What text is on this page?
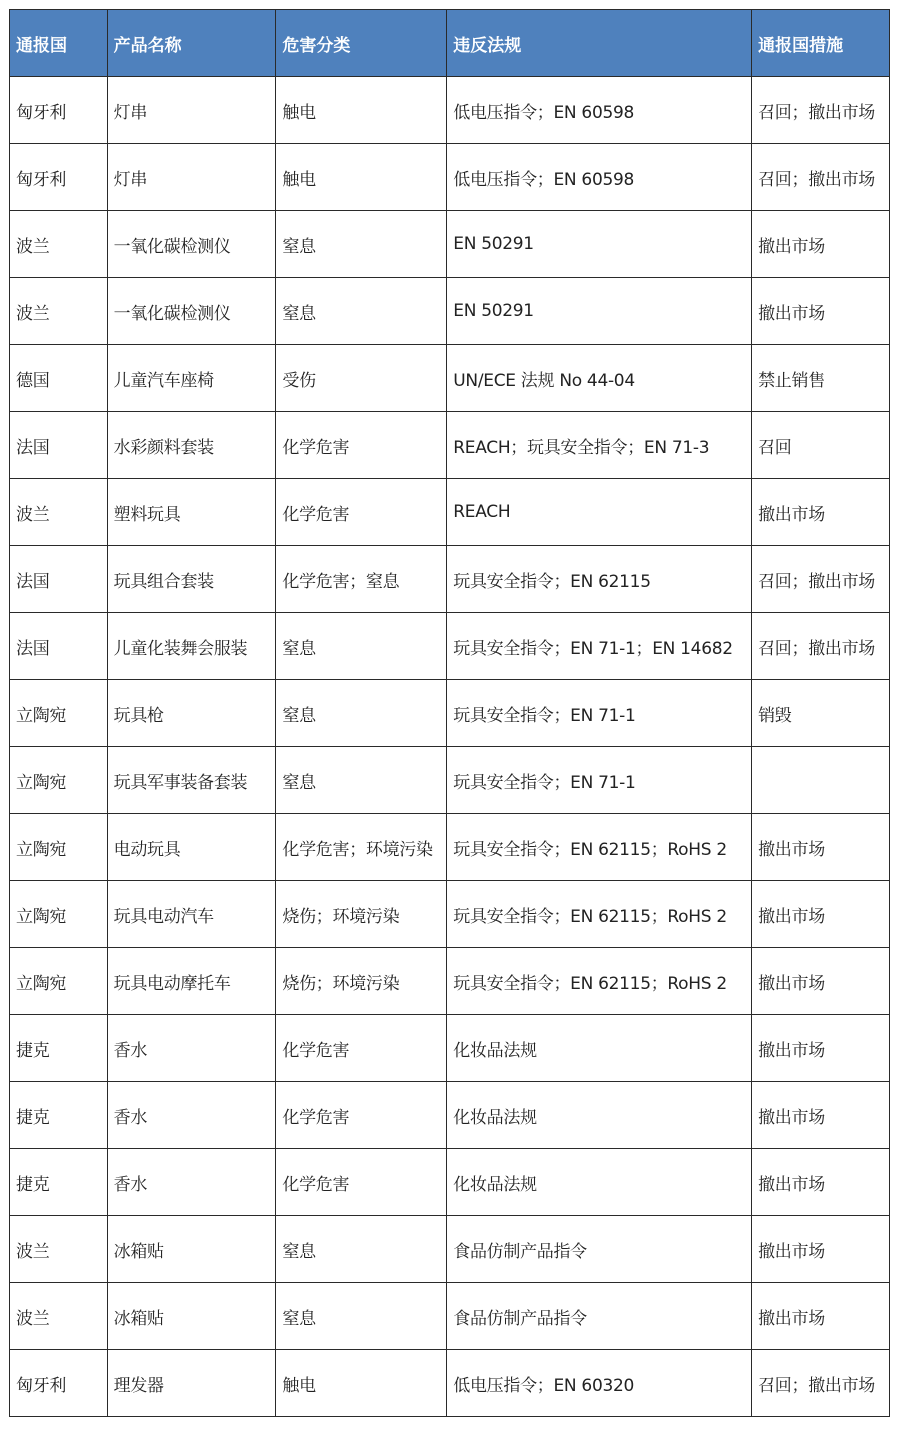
通报国	产品名称	危害分类	违反法规	通报国措施
匈牙利	灯串	触电	低电压指令；EN 60598	召回；撤出市场
匈牙利	灯串	触电	低电压指令；EN 60598	召回；撤出市场
波兰	一氧化碳检测仪	窒息	EN 50291	撤出市场
波兰	一氧化碳检测仪	窒息	EN 50291	撤出市场
德国	儿童汽车座椅	受伤	UN/ECE 法规 No 44-04	禁止销售
法国	水彩颜料套装	化学危害	REACH；玩具安全指令；EN 71-3	召回
波兰	塑料玩具	化学危害	REACH	撤出市场
法国	玩具组合套装	化学危害；窒息	玩具安全指令；EN 62115	召回；撤出市场
法国	儿童化装舞会服装	窒息	玩具安全指令；EN 71-1；EN 14682	召回；撤出市场
立陶宛	玩具枪	窒息	玩具安全指令；EN 71-1	销毁
立陶宛	玩具军事装备套装	窒息	玩具安全指令；EN 71-1	
立陶宛	电动玩具	化学危害；环境污染	玩具安全指令；EN 62115；RoHS 2	撤出市场
立陶宛	玩具电动汽车	烧伤；环境污染	玩具安全指令；EN 62115；RoHS 2	撤出市场
立陶宛	玩具电动摩托车	烧伤；环境污染	玩具安全指令；EN 62115；RoHS 2	撤出市场
捷克	香水	化学危害	化妆品法规	撤出市场
捷克	香水	化学危害	化妆品法规	撤出市场
捷克	香水	化学危害	化妆品法规	撤出市场
波兰	冰箱贴	窒息	食品仿制产品指令	撤出市场
波兰	冰箱贴	窒息	食品仿制产品指令	撤出市场
匈牙利	理发器	触电	低电压指令；EN 60320	召回；撤出市场
